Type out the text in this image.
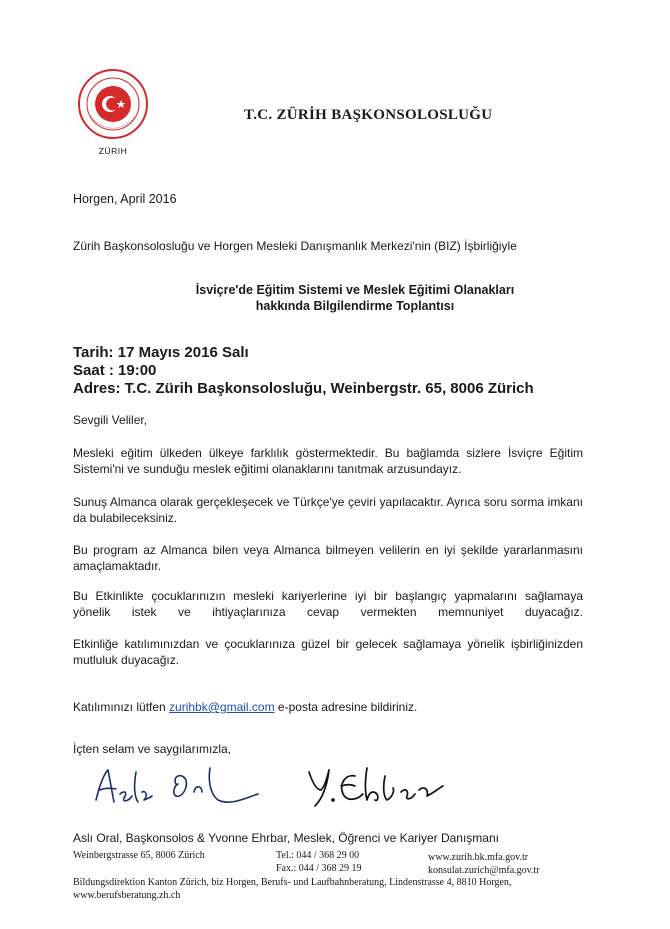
ZÜRIH
T.C. ZÜRİH BAŞKONSOLOSLUĞU
Horgen, April 2016
Zürih Başkonsolosluğu ve Horgen Mesleki Danışmanlık Merkezi'nin (BIZ) İşbirliğiyle
İsviçre'de Eğitim Sistemi ve Meslek Eğitimi Olanakları
hakkında Bilgilendirme Toplantısı
Tarih: 17 Mayıs 2016 Salı
Saat : 19:00
Adres: T.C. Zürih Başkonsolosluğu, Weinbergstr. 65, 8006 Zürich
Sevgili Veliler,
Mesleki eğitim ülkeden ülkeye farklılık göstermektedir. Bu bağlamda sizlere İsviçre Eğitim Sistemi'ni ve sunduğu meslek eğitimi olanaklarını tanıtmak arzusundayız.
Sunuş Almanca olarak gerçekleşecek ve Türkçe'ye çeviri yapılacaktır. Ayrıca soru sorma imkanı da bulabileceksiniz.
Bu program az Almanca bilen veya Almanca bilmeyen velilerin en iyi şekilde yararlanmasını amaçlamaktadır.
Bu Etkinlikte çocuklarınızın mesleki kariyerlerine iyi bir başlangıç yapmalarını sağlamaya yönelik istek ve ihtiyaçlarınıza cevap vermekten memnuniyet duyacağız.
Etkinliğe katılımınızdan ve çocuklarınıza güzel bir gelecek sağlamaya yönelik işbirliğinizden mutluluk duyacağız.
Katılımınızı lütfen zurihbk@gmail.com e-posta adresine bildiriniz.
İçten selam ve saygılarımızla,
Aslı Oral, Başkonsolos & Yvonne Ehrbar, Meslek, Öğrenci ve Kariyer Danışmanı
Weinbergstrasse 65, 8006 Zürich	Tel.: 044 / 368 29 00
Fax.: 044 / 368 29 19
www.zurih.bk.mfa.gov.tr
konsulat.zurich@mfa.gov.tr
Bildungsdirektion Kanton Zürich, biz Horgen, Berufs- und Laufbahnberatung, Lindenstrasse 4, 8810 Horgen,
www.berufsberatung.zh.ch
